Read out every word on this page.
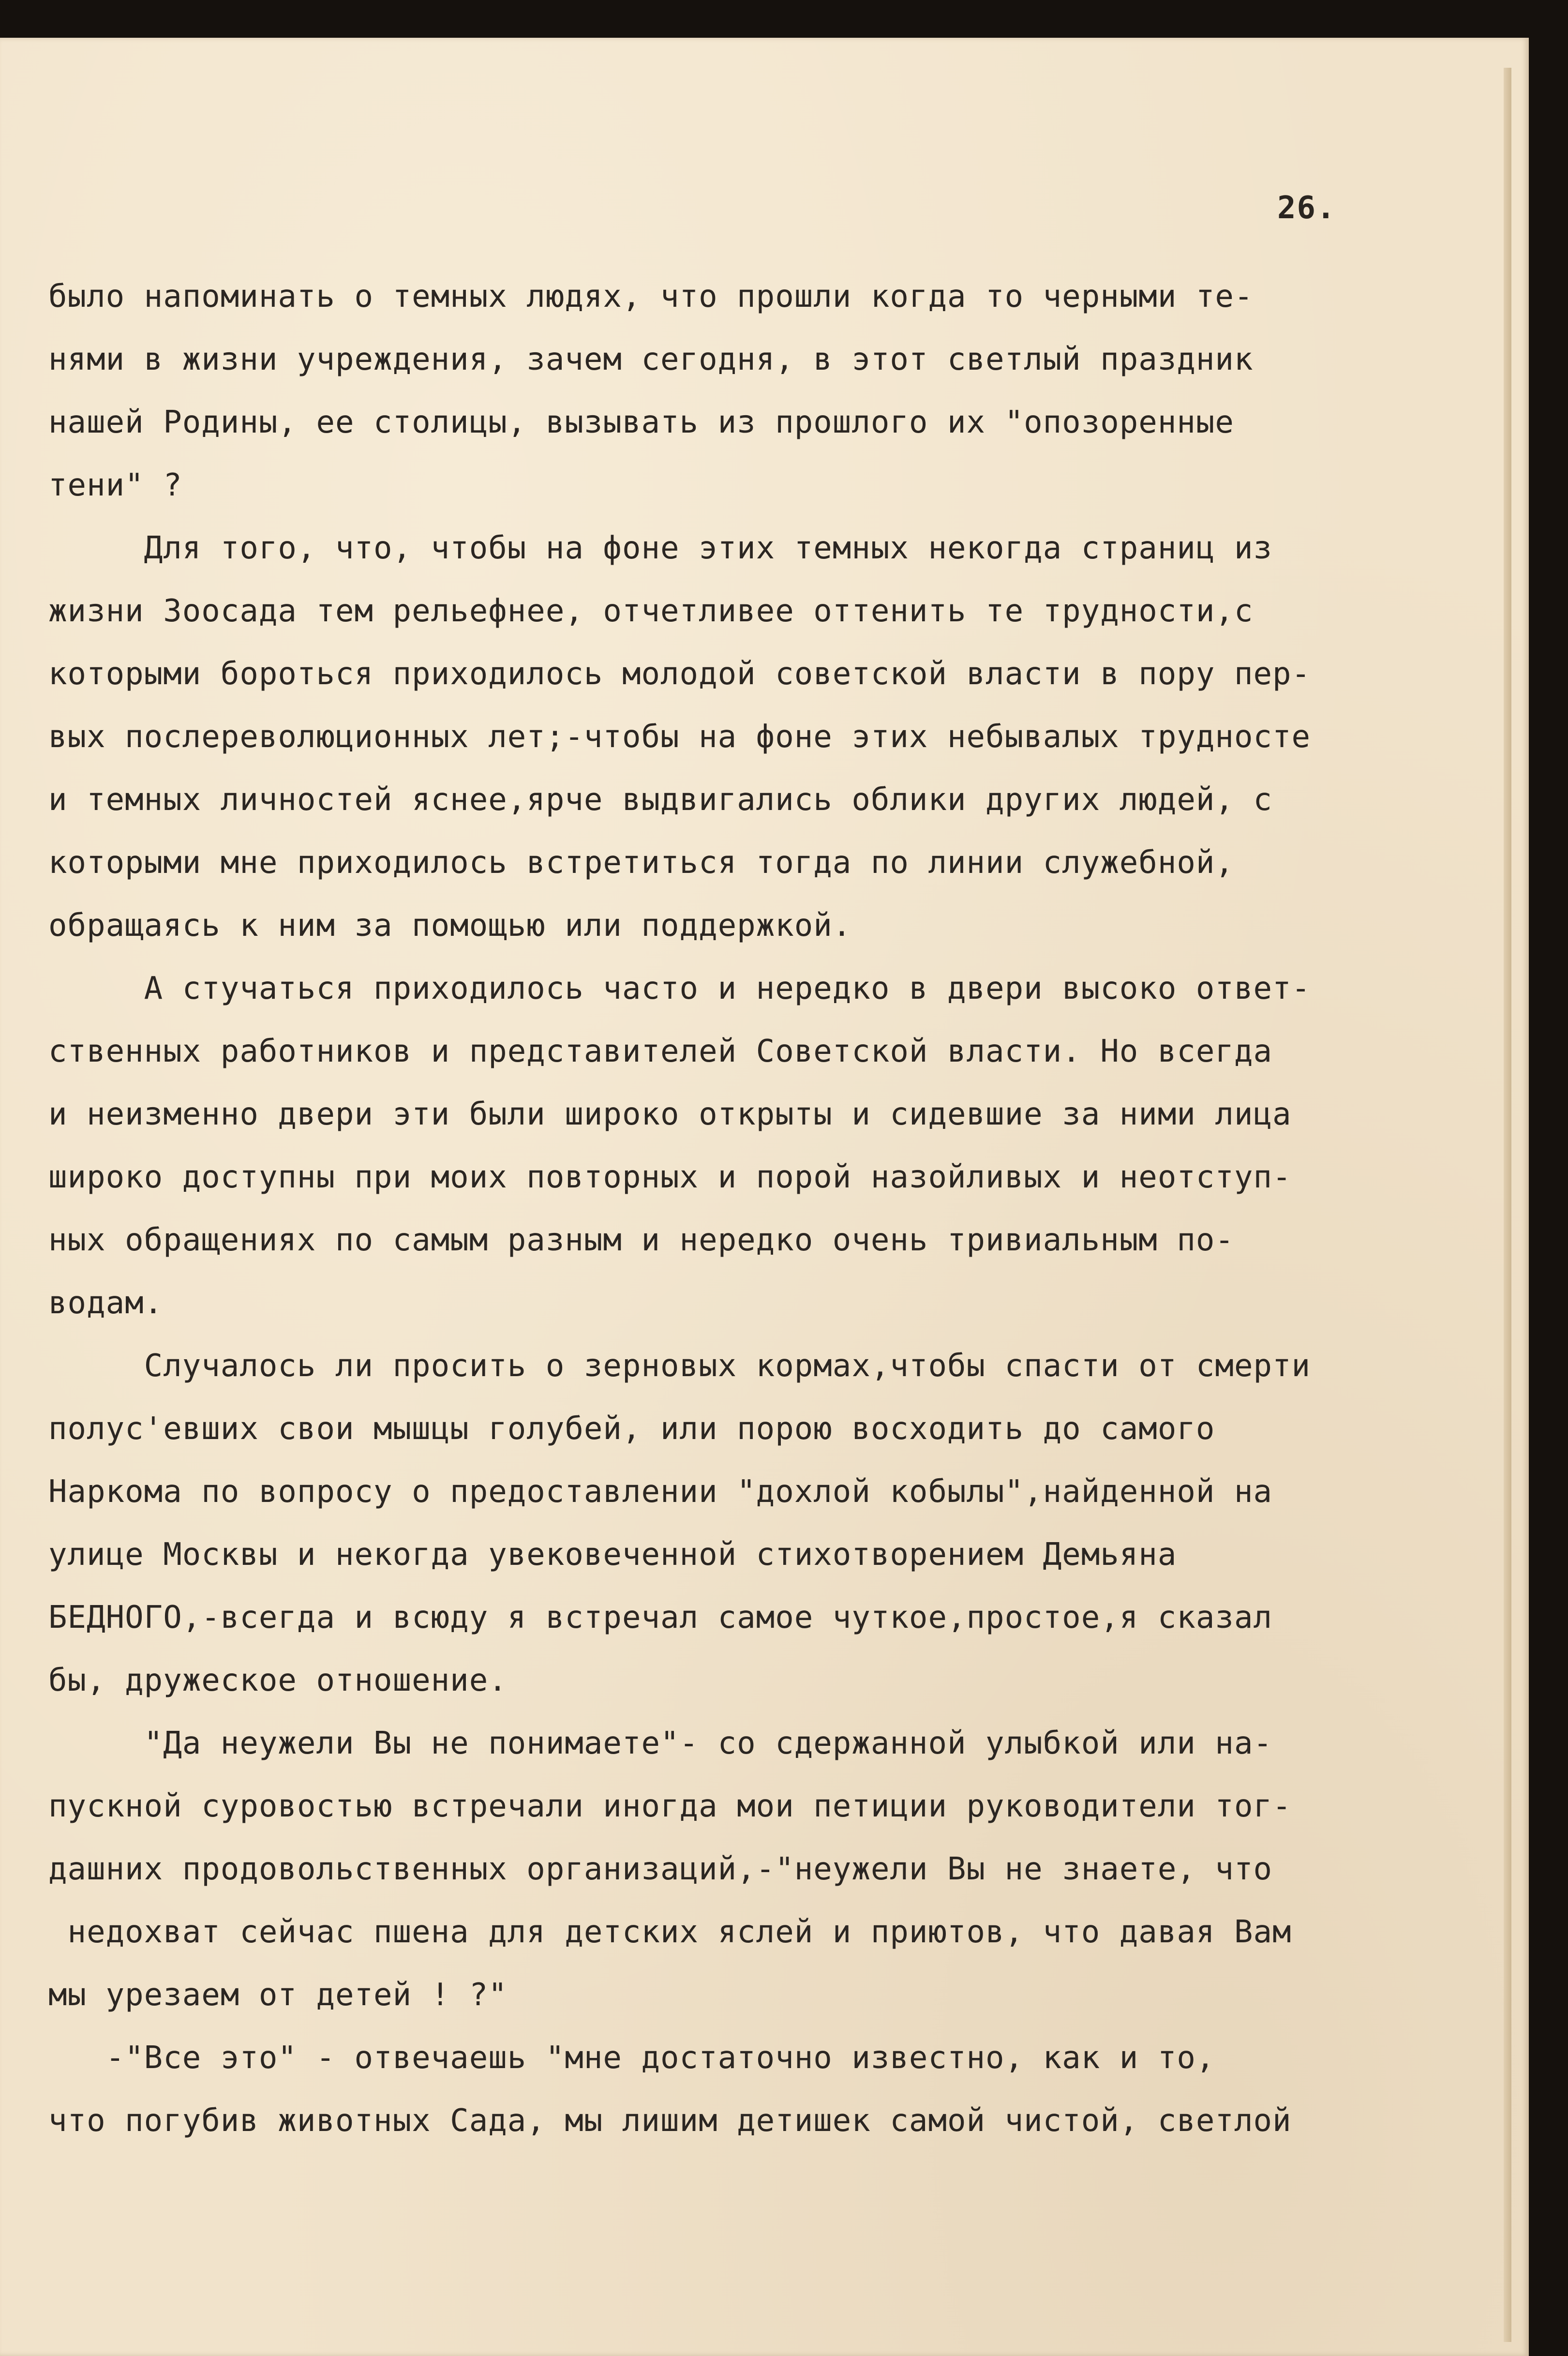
26.
было напоминать о темных людях, что прошли когда то черными те-
нями в жизни учреждения, зачем сегодня, в этот светлый праздник
нашей Родины, ее столицы, вызывать из прошлого их "опозоренные
тени" ?
Для того, что, чтобы на фоне этих темных некогда страниц из
жизни Зоосада тем рельефнее, отчетливее оттенить те трудности,с
которыми бороться приходилось молодой советской власти в пору пер-
вых послереволюционных лет;-чтобы на фоне этих небывалых трудносте
и темных личностей яснее,ярче выдвигались облики других людей, с
которыми мне приходилось встретиться тогда по линии служебной,
обращаясь к ним за помощью или поддержкой.
А стучаться приходилось часто и нередко в двери высоко ответ-
ственных работников и представителей Советской власти. Но всегда
и неизменно двери эти были широко открыты и сидевшие за ними лица
широко доступны при моих повторных и порой назойливых и неотступ-
ных обращениях по самым разным и нередко очень тривиальным по-
водам.
Случалось ли просить о зерновых кормах,чтобы спасти от смерти
полус'евших свои мышцы голубей, или порою восходить до самого
Наркома по вопросу о предоставлении "дохлой кобылы",найденной на
улице Москвы и некогда увековеченной стихотворением Демьяна
БЕДНОГО,-всегда и всюду я встречал самое чуткое,простое,я сказал
бы, дружеское отношение.
"Да неужели Вы не понимаете"- со сдержанной улыбкой или на-
пускной суровостью встречали иногда мои петиции руководители тог-
дашних продовольственных организаций,-"неужели Вы не знаете, что
недохват сейчас пшена для детских яслей и приютов, что давая Вам
мы урезаем от детей ! ?"
-"Все это" - отвечаешь "мне достаточно известно, как и то,
что погубив животных Сада, мы лишим детишек самой чистой, светлой
